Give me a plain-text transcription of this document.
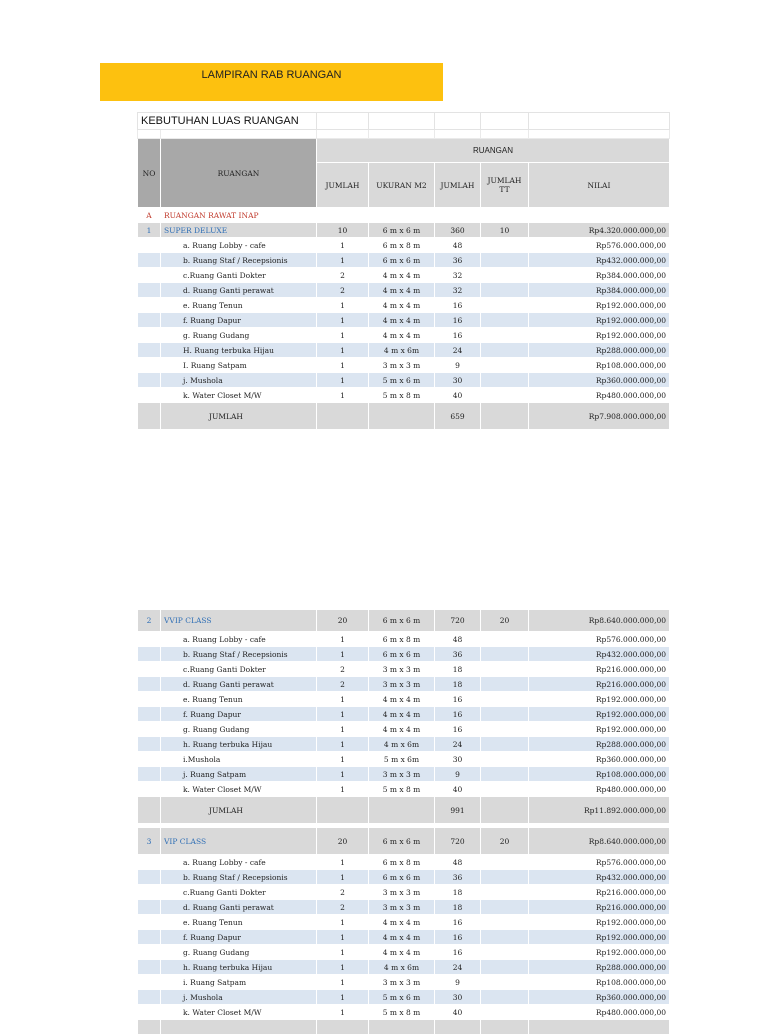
LAMPIRAN RAB RUANGAN
KEBUTUHAN LUAS RUANGAN						

NO	RUANGAN	RUANGAN				
		JUMLAH	UKURAN M2	JUMLAH	JUMLAH TT	NILAI
A	RUANGAN RAWAT INAP					
1	SUPER DELUXE	10	6 m x 6 m	360	10	Rp4.320.000.000,00
	a. Ruang Lobby - cafe	1	6 m x 8 m	48		Rp576.000.000,00
	b. Ruang Staf / Recepsionis	1	6 m x 6 m	36		Rp432.000.000,00
	c.Ruang Ganti Dokter	2	4 m x 4 m	32		Rp384.000.000,00
	d. Ruang Ganti perawat	2	4 m x 4 m	32		Rp384.000.000,00
	e. Ruang Tenun	1	4 m x 4 m	16		Rp192.000.000,00
	f. Ruang Dapur	1	4 m x 4 m	16		Rp192.000.000,00
	g. Ruang Gudang	1	4 m x 4 m	16		Rp192.000.000,00
	H. Ruang terbuka Hijau	1	4 m x 6m	24		Rp288.000.000,00
	I. Ruang Satpam	1	3 m x 3 m	9		Rp108.000.000,00
	j. Mushola	1	5 m x 6 m	30		Rp360.000.000,00
	k. Water Closet M/W	1	5 m x 8 m	40		Rp480.000.000,00
	JUMLAH			659		Rp7.908.000.000,00
2	VVIP CLASS	20	6 m x 6 m	720	20	Rp8.640.000.000,00
	a. Ruang Lobby - cafe	1	6 m x 8 m	48		Rp576.000.000,00
	b. Ruang Staf / Recepsionis	1	6 m x 6 m	36		Rp432.000.000,00
	c.Ruang Ganti Dokter	2	3 m x 3 m	18		Rp216.000.000,00
	d. Ruang Ganti perawat	2	3 m x 3 m	18		Rp216.000.000,00
	e. Ruang Tenun	1	4 m x 4 m	16		Rp192.000.000,00
	f. Ruang Dapur	1	4 m x 4 m	16		Rp192.000.000,00
	g. Ruang Gudang	1	4 m x 4 m	16		Rp192.000.000,00
	h. Ruang terbuka Hijau	1	4 m x 6m	24		Rp288.000.000,00
	i.Mushola	1	5 m x 6m	30		Rp360.000.000,00
	j. Ruang Satpam	1	3 m x 3 m	9		Rp108.000.000,00
	k. Water Closet M/W	1	5 m x 8 m	40		Rp480.000.000,00
	JUMLAH			991		Rp11.892.000.000,00
3	VIP CLASS	20	6 m x 6 m	720	20	Rp8.640.000.000,00
	a. Ruang Lobby - cafe	1	6 m x 8 m	48		Rp576.000.000,00
	b. Ruang Staf / Recepsionis	1	6 m x 6 m	36		Rp432.000.000,00
	c.Ruang Ganti Dokter	2	3 m x 3 m	18		Rp216.000.000,00
	d. Ruang Ganti perawat	2	3 m x 3 m	18		Rp216.000.000,00
	e. Ruang Tenun	1	4 m x 4 m	16		Rp192.000.000,00
	f. Ruang Dapur	1	4 m x 4 m	16		Rp192.000.000,00
	g. Ruang Gudang	1	4 m x 4 m	16		Rp192.000.000,00
	h. Ruang terbuka Hijau	1	4 m x 6m	24		Rp288.000.000,00
	i. Ruang Satpam	1	3 m x 3 m	9		Rp108.000.000,00
	j. Mushola	1	5 m x 6 m	30		Rp360.000.000,00
	k. Water Closet M/W	1	5 m x 8 m	40		Rp480.000.000,00
